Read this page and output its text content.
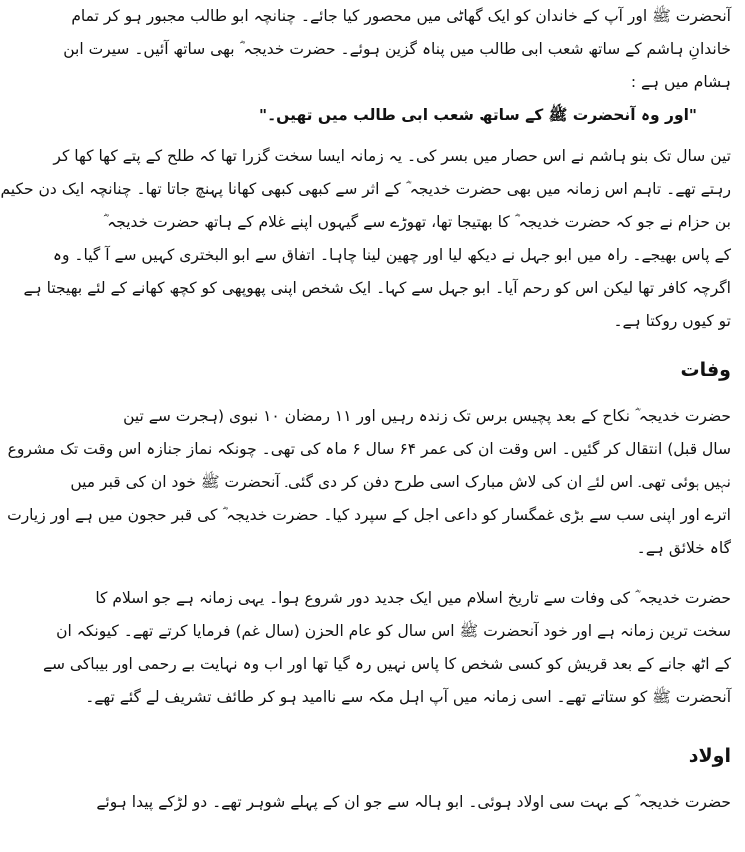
آنحضرت ﷺ اور آپ کے خاندان کو ایک گھاٹی میں محصور کیا جائے۔ چنانچہ ابو طالب مجبور ہو کر تمام
خاندانِ ہاشم کے ساتھ شعب ابی طالب میں پناہ گزین ہوئے۔ حضرت خدیجہ ؓ بھی ساتھ آئیں۔ سیرت ابن
ہشام میں ہے :
"اور وہ آنحضرت ﷺ کے ساتھ شعب ابی طالب میں تھیں۔"
تین سال تک بنو ہاشم نے اس حصار میں بسر کی۔ یہ زمانہ ایسا سخت گزرا تھا کہ طلح کے پتے کھا کھا کر
رہتے تھے۔ تاہم اس زمانہ میں بھی حضرت خدیجہ ؓ کے اثر سے کبھی کبھی کھانا پہنچ جاتا تھا۔ چنانچہ ایک دن حکیم
بن حزام نے جو کہ حضرت خدیجہ ؓ کا بھتیجا تھا، تھوڑے سے گیہوں اپنے غلام کے ہاتھ حضرت خدیجہ ؓ
کے پاس بھیجے۔ راہ میں ابو جہل نے دیکھ لیا اور چھین لینا چاہا۔ اتفاق سے ابو البختری کہیں سے آ گیا۔ وہ
اگرچہ کافر تھا لیکن اس کو رحم آیا۔ ابو جہل سے کہا۔ ایک شخص اپنی پھوپھی کو کچھ کھانے کے لئے بھیجتا ہے
تو کیوں روکتا ہے۔
وفات
حضرت خدیجہ ؓ نکاح کے بعد پچیس برس تک زندہ رہیں اور ۱۱ رمضان ۱۰ نبوی (ہجرت سے تین
سال قبل) انتقال کر گئیں۔ اس وقت ان کی عمر ۶۴ سال ۶ ماہ کی تھی۔ چونکہ نماز جنازہ اس وقت تک مشروع
نہیں ہوئی تھی۔ اس لئے ان کی لاش مبارک اسی طرح دفن کر دی گئی۔ آنحضرت ﷺ خود ان کی قبر میں
اترے اور اپنی سب سے بڑی غمگسار کو داعی اجل کے سپرد کیا۔ حضرت خدیجہ ؓ کی قبر حجون میں ہے اور زیارت
گاہ خلائق ہے۔
حضرت خدیجہ ؓ کی وفات سے تاریخ اسلام میں ایک جدید دور شروع ہوا۔ یہی زمانہ ہے جو اسلام کا
سخت ترین زمانہ ہے اور خود آنحضرت ﷺ اس سال کو عام الحزن (سال غم) فرمایا کرتے تھے۔ کیونکہ ان
کے اٹھ جانے کے بعد قریش کو کسی شخص کا پاس نہیں رہ گیا تھا اور اب وہ نہایت بے رحمی اور بیباکی سے
آنحضرت ﷺ کو ستاتے تھے۔ اسی زمانہ میں آپ اہل مکہ سے ناامید ہو کر طائف تشریف لے گئے تھے۔
اولاد
حضرت خدیجہ ؓ کے بہت سی اولاد ہوئی۔ ابو ہالہ سے جو ان کے پہلے شوہر تھے۔ دو لڑکے پیدا ہوئے
